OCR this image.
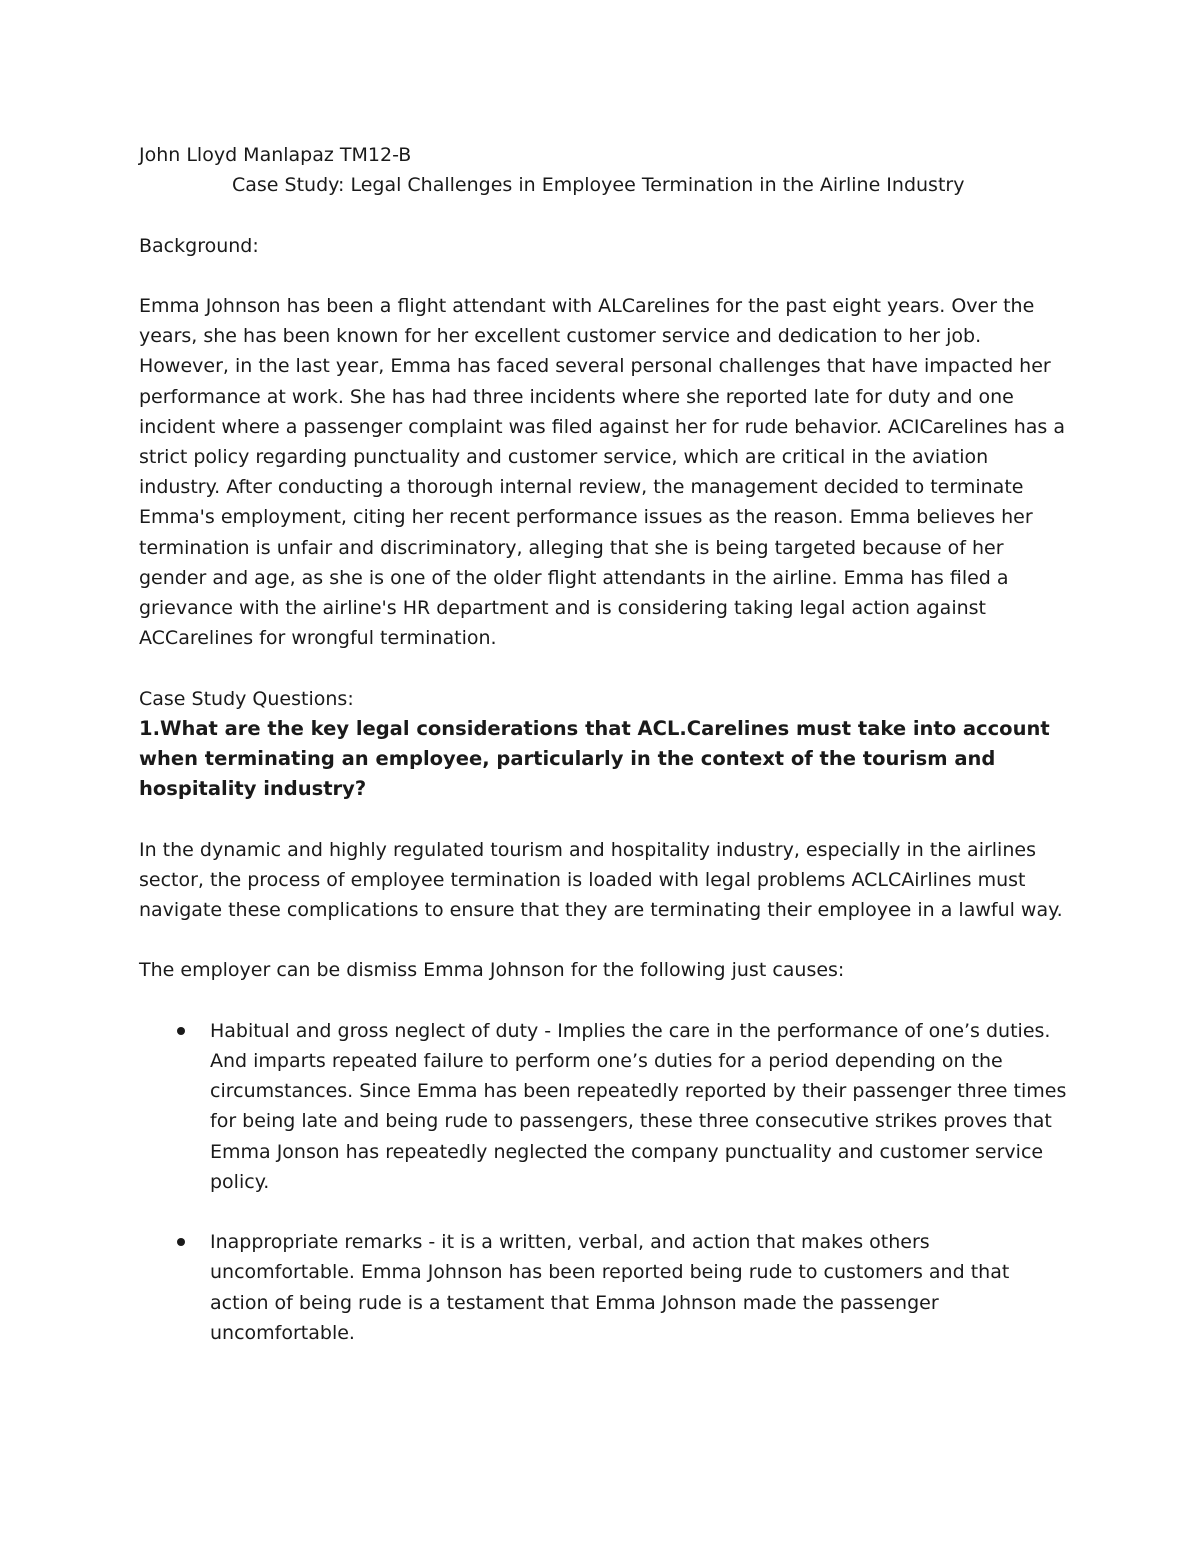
John Lloyd Manlapaz TM12-B

Case Study: Legal Challenges in Employee Termination in the Airline Industry

Background:

Emma Johnson has been a flight attendant with ALCarelines for the past eight years. Over the years, she has been known for her excellent customer service and dedication to her job. However, in the last year, Emma has faced several personal challenges that have impacted her performance at work. She has had three incidents where she reported late for duty and one incident where a passenger complaint was filed against her for rude behavior. ACICarelines has a strict policy regarding punctuality and customer service, which are critical in the aviation industry. After conducting a thorough internal review, the management decided to terminate Emma's employment, citing her recent performance issues as the reason. Emma believes her termination is unfair and discriminatory, alleging that she is being targeted because of her gender and age, as she is one of the older flight attendants in the airline. Emma has filed a grievance with the airline's HR department and is considering taking legal action against ACCarelines for wrongful termination.

Case Study Questions:

1.What are the key legal considerations that ACL.Carelines must take into account when terminating an employee, particularly in the context of the tourism and hospitality industry?

In the dynamic and highly regulated tourism and hospitality industry, especially in the airlines sector, the process of employee termination is loaded with legal problems ACLCAirlines must navigate these complications to ensure that they are terminating their employee in a lawful way.

The employer can be dismiss Emma Johnson for the following just causes:

Habitual and gross neglect of duty - Implies the care in the performance of one’s duties. And imparts repeated failure to perform one’s duties for a period depending on the circumstances. Since Emma has been repeatedly reported by their passenger three times for being late and being rude to passengers, these three consecutive strikes proves that Emma Jonson has repeatedly neglected the company punctuality and customer service policy.
Inappropriate remarks - it is a written, verbal, and action that makes others uncomfortable. Emma Johnson has been reported being rude to customers and that action of being rude is a testament that Emma Johnson made the passenger uncomfortable.
